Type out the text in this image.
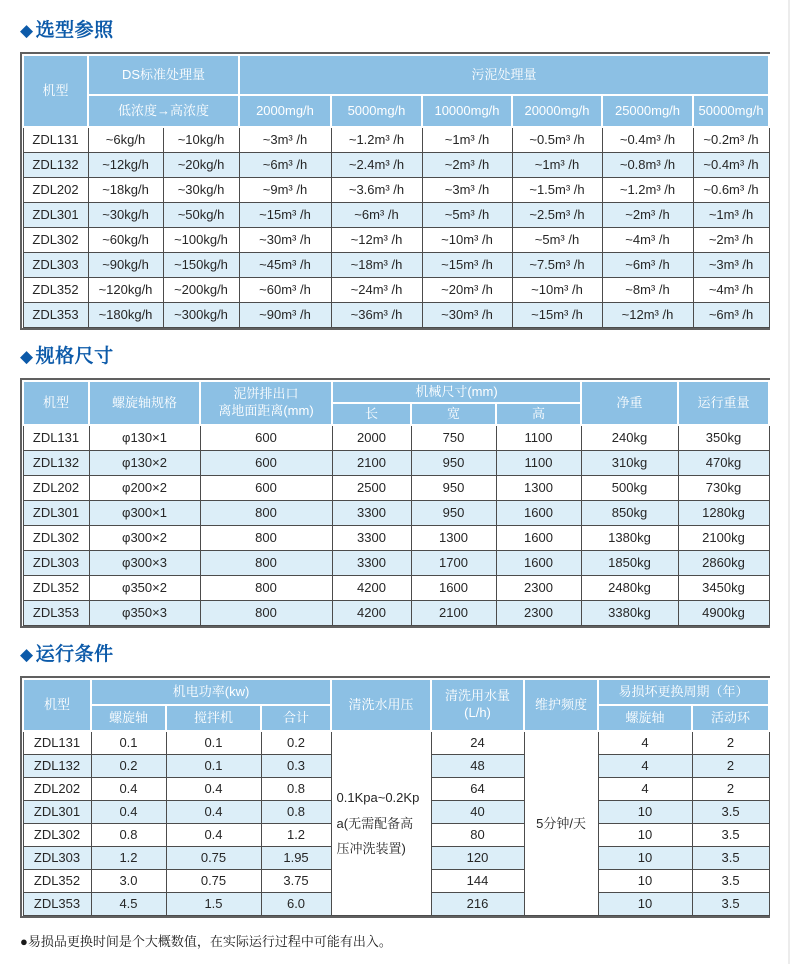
◆ 选型参照
机型	DS标准处理量		污泥处理量					
	低浓度→高浓度		2000mg/h	5000mg/h	10000mg/h	20000mg/h	25000mg/h	50000mg/h
ZDL131	~6kg/h	~10kg/h	~3m³ /h	~1.2m³ /h	~1m³ /h	~0.5m³ /h	~0.4m³ /h	~0.2m³ /h
ZDL132	~12kg/h	~20kg/h	~6m³ /h	~2.4m³ /h	~2m³ /h	~1m³ /h	~0.8m³ /h	~0.4m³ /h
ZDL202	~18kg/h	~30kg/h	~9m³ /h	~3.6m³ /h	~3m³ /h	~1.5m³ /h	~1.2m³ /h	~0.6m³ /h
ZDL301	~30kg/h	~50kg/h	~15m³ /h	~6m³ /h	~5m³ /h	~2.5m³ /h	~2m³ /h	~1m³ /h
ZDL302	~60kg/h	~100kg/h	~30m³ /h	~12m³ /h	~10m³ /h	~5m³ /h	~4m³ /h	~2m³ /h
ZDL303	~90kg/h	~150kg/h	~45m³ /h	~18m³ /h	~15m³ /h	~7.5m³ /h	~6m³ /h	~3m³ /h
ZDL352	~120kg/h	~200kg/h	~60m³ /h	~24m³ /h	~20m³ /h	~10m³ /h	~8m³ /h	~4m³ /h
ZDL353	~180kg/h	~300kg/h	~90m³ /h	~36m³ /h	~30m³ /h	~15m³ /h	~12m³ /h	~6m³ /h
◆ 规格尺寸
机型	螺旋轴规格	泥饼排出口
离地面距离(mm)	机械尺寸(mm)			净重	运行重量
			长	宽	高		
ZDL131	φ130×1	600	2000	750	1100	240kg	350kg
ZDL132	φ130×2	600	2100	950	1100	310kg	470kg
ZDL202	φ200×2	600	2500	950	1300	500kg	730kg
ZDL301	φ300×1	800	3300	950	1600	850kg	1280kg
ZDL302	φ300×2	800	3300	1300	1600	1380kg	2100kg
ZDL303	φ300×3	800	3300	1700	1600	1850kg	2860kg
ZDL352	φ350×2	800	4200	1600	2300	2480kg	3450kg
ZDL353	φ350×3	800	4200	2100	2300	3380kg	4900kg
◆ 运行条件
机型	机电功率(kw)			清洗水用压	清洗用水量
(L/h)	维护频度	易损坏更换周期（年）	
	螺旋轴	搅拌机	合计				螺旋轴	活动环
ZDL131	0.1	0.1	0.2	0.1Kpa~0.2Kpa(无需配备高压冲洗装置)	24	5分钟/天	4	2
ZDL132	0.2	0.1	0.3		48		4	2
ZDL202	0.4	0.4	0.8		64		4	2
ZDL301	0.4	0.4	0.8		40		10	3.5
ZDL302	0.8	0.4	1.2		80		10	3.5
ZDL303	1.2	0.75	1.95		120		10	3.5
ZDL352	3.0	0.75	3.75		144		10	3.5
ZDL353	4.5	1.5	6.0		216		10	3.5

●易损品更换时间是个大概数值，在实际运行过程中可能有出入。
